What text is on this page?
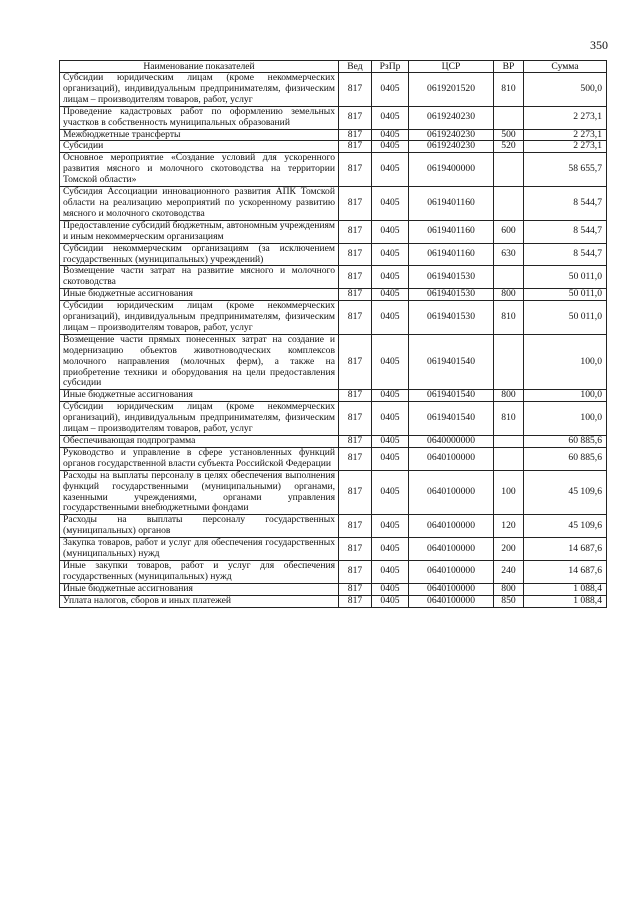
350
Наименование показателей	Вед	РзПр	ЦСР	ВР	Сумма
Субсидии юридическим лицам (кроме некоммерческих организаций), индивидуальным предпринимателям, физическим лицам – производителям товаров, работ, услуг	817	0405	0619201520	810	500,0
Проведение кадастровых работ по оформлению земельных участков в собственность муниципальных образований	817	0405	0619240230		2 273,1
Межбюджетные трансферты	817	0405	0619240230	500	2 273,1
Субсидии	817	0405	0619240230	520	2 273,1
Основное мероприятие «Создание условий для ускоренного развития мясного и молочного скотоводства на территории Томской области»	817	0405	0619400000		58 655,7
Субсидия Ассоциации инновационного развития АПК Томской области на реализацию мероприятий по ускоренному развитию мясного и молочного скотоводства	817	0405	0619401160		8 544,7
Предоставление субсидий бюджетным, автономным учреждениям и иным некоммерческим организациям	817	0405	0619401160	600	8 544,7
Субсидии некоммерческим организациям (за исключением государственных (муниципальных) учреждений)	817	0405	0619401160	630	8 544,7
Возмещение части затрат на развитие мясного и молочного скотоводства	817	0405	0619401530		50 011,0
Иные бюджетные ассигнования	817	0405	0619401530	800	50 011,0
Субсидии юридическим лицам (кроме некоммерческих организаций), индивидуальным предпринимателям, физическим лицам – производителям товаров, работ, услуг	817	0405	0619401530	810	50 011,0
Возмещение части прямых понесенных затрат на создание и модернизацию объектов животноводческих комплексов молочного направления (молочных ферм), а также на приобретение техники и оборудования на цели предоставления субсидии	817	0405	0619401540		100,0
Иные бюджетные ассигнования	817	0405	0619401540	800	100,0
Субсидии юридическим лицам (кроме некоммерческих организаций), индивидуальным предпринимателям, физическим лицам – производителям товаров, работ, услуг	817	0405	0619401540	810	100,0
Обеспечивающая подпрограмма	817	0405	0640000000		60 885,6
Руководство и управление в сфере установленных функций органов государственной власти субъекта Российской Федерации	817	0405	0640100000		60 885,6
Расходы на выплаты персоналу в целях обеспечения выполнения функций государственными (муниципальными) органами, казенными учреждениями, органами управления государственными внебюджетными фондами	817	0405	0640100000	100	45 109,6
Расходы на выплаты персоналу государственных (муниципальных) органов	817	0405	0640100000	120	45 109,6
Закупка товаров, работ и услуг для обеспечения государственных (муниципальных) нужд	817	0405	0640100000	200	14 687,6
Иные закупки товаров, работ и услуг для обеспечения государственных (муниципальных) нужд	817	0405	0640100000	240	14 687,6
Иные бюджетные ассигнования	817	0405	0640100000	800	1 088,4
Уплата налогов, сборов и иных платежей	817	0405	0640100000	850	1 088,4
